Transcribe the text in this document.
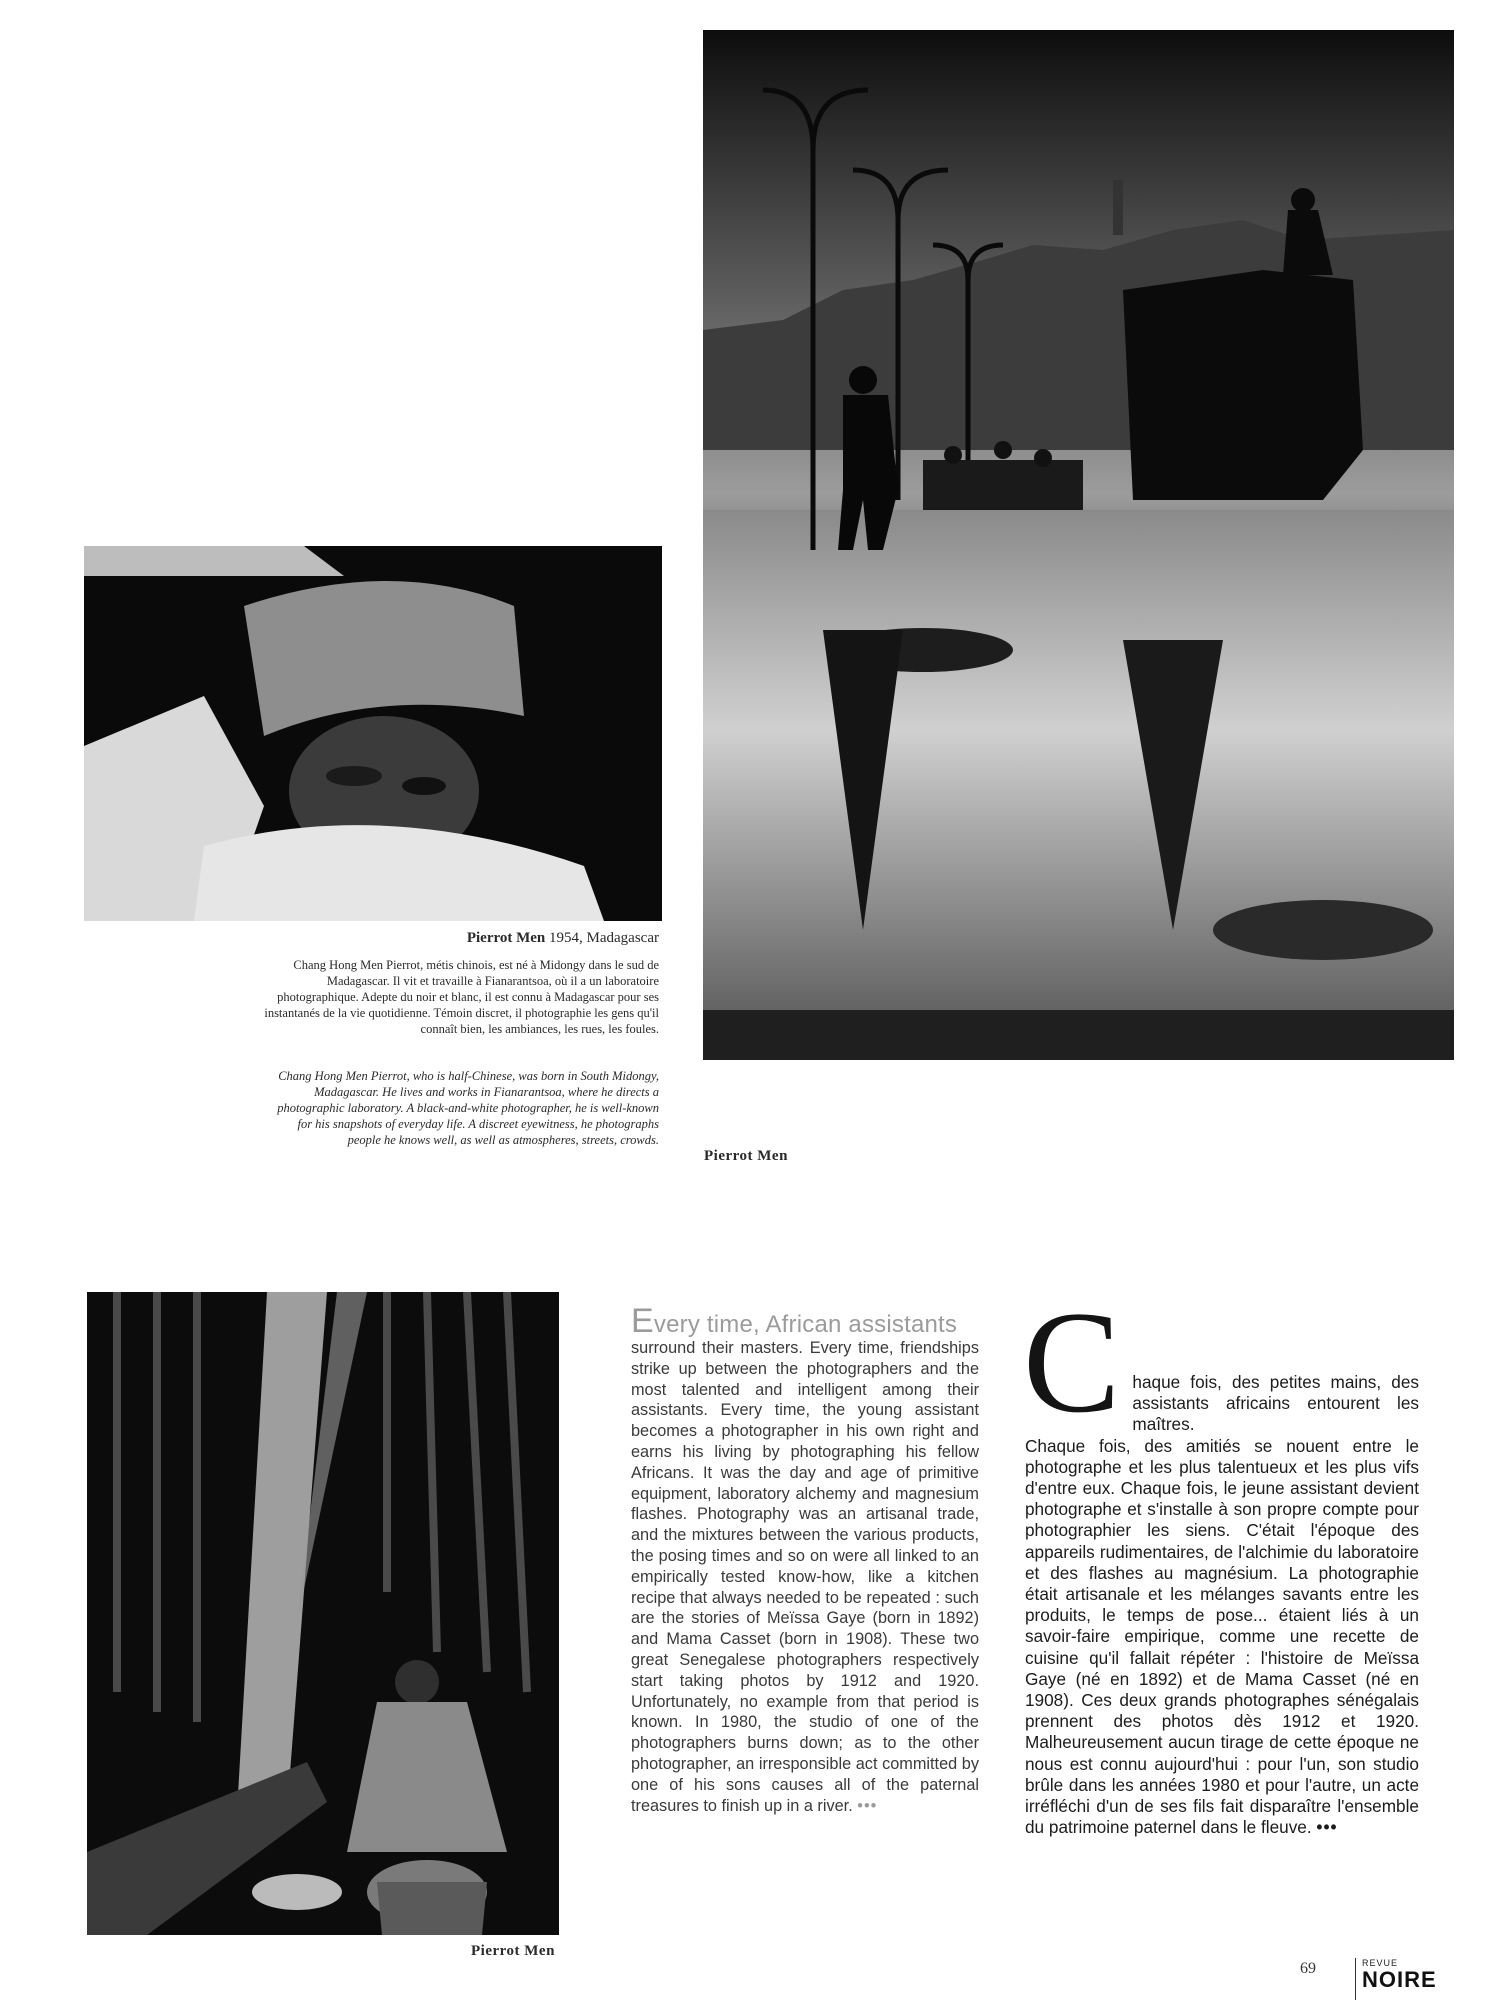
Pierrot Men
Pierrot Men 1954, Madagascar
Chang Hong Men Pierrot, métis chinois, est né à Midongy dans le sud de Madagascar. Il vit et travaille à Fianarantsoa, où il a un laboratoire photographique. Adepte du noir et blanc, il est connu à Madagascar pour ses instantanés de la vie quotidienne. Témoin discret, il photographie les gens qu'il connaît bien, les ambiances, les rues, les foules.
Chang Hong Men Pierrot, who is half-Chinese, was born in South Midongy, Madagascar. He lives and works in Fianarantsoa, where he directs a photographic laboratory. A black-and-white photographer, he is well-known for his snapshots of everyday life. A discreet eyewitness, he photographs people he knows well, as well as atmospheres, streets, crowds.
Pierrot Men
Every time, African assistants
surround their masters. Every time, friendships strike up between the photographers and the most talented and intelligent among their assistants. Every time, the young assistant becomes a photographer in his own right and earns his living by photographing his fellow Africans. It was the day and age of primitive equipment, laboratory alchemy and magnesium flashes. Photography was an artisanal trade, and the mixtures between the various products, the posing times and so on were all linked to an empirically tested know-how, like a kitchen recipe that always needed to be repeated : such are the stories of Meïssa Gaye (born in 1892) and Mama Casset (born in 1908). These two great Senegalese photographers respectively start taking photos by 1912 and 1920. Unfortunately, no example from that period is known. In 1980, the studio of one of the photographers burns down; as to the other photographer, an irresponsible act committed by one of his sons causes all of the paternal treasures to finish up in a river. •••
C haque fois, des petites mains, des assistants africains entourent les maîtres.
Chaque fois, des amitiés se nouent entre le photographe et les plus talentueux et les plus vifs d'entre eux. Chaque fois, le jeune assistant devient photographe et s'installe à son propre compte pour photographier les siens. C'était l'époque des appareils rudimentaires, de l'alchimie du laboratoire et des flashes au magnésium. La photographie était artisanale et les mélanges savants entre les produits, le temps de pose... étaient liés à un savoir-faire empirique, comme une recette de cuisine qu'il fallait répéter : l'histoire de Meïssa Gaye (né en 1892) et de Mama Casset (né en 1908). Ces deux grands photographes sénégalais prennent des photos dès 1912 et 1920. Malheureusement aucun tirage de cette époque ne nous est connu aujourd'hui : pour l'un, son studio brûle dans les années 1980 et pour l'autre, un acte irréfléchi d'un de ses fils fait disparaître l'ensemble du patrimoine paternel dans le fleuve. •••
69	REVUE
NOIRE
